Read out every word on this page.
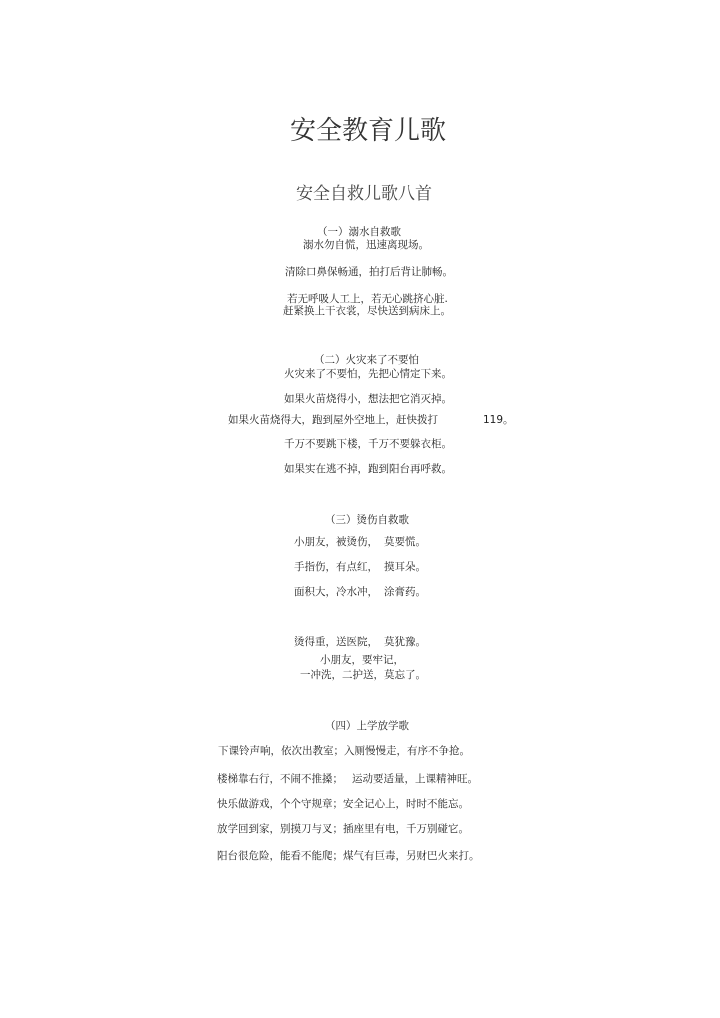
安全教育儿歌
安全自救儿歌八首
（一）溺水自救歌
溺水勿自慌，迅速离现场。
清除口鼻保畅通，拍打后背让肺畅。
若无呼吸人工上，若无心跳挤心脏.
赶紧换上干衣裳，尽快送到病床上。
（二）火灾来了不要怕
火灾来了不要怕，先把心情定下来。
如果火苗烧得小，想法把它消灭掉。
如果火苗烧得大，跑到屋外空地上，赶快拨打	119。
千万不要跳下楼，千万不要躲衣柜。
如果实在逃不掉，跑到阳台再呼救。
（三）烫伤自救歌
小朋友，被烫伤， 莫要慌。
手指伤，有点红， 摸耳朵。
面积大，冷水冲， 涂膏药。
烫得重，送医院， 莫犹豫。
小朋友，要牢记，
一冲洗，二护送，莫忘了。
（四）上学放学歌
下课铃声响，依次出教室；入厕慢慢走，有序不争抢。
楼梯靠右行，不闹不推搡； 运动要适量，上课精神旺。
快乐做游戏，个个守规章；安全记心上，时时不能忘。
放学回到家，别摸刀与叉；插座里有电，千万别碰它。
阳台很危险，能看不能爬；煤气有巨毒，另财巴火来打。
